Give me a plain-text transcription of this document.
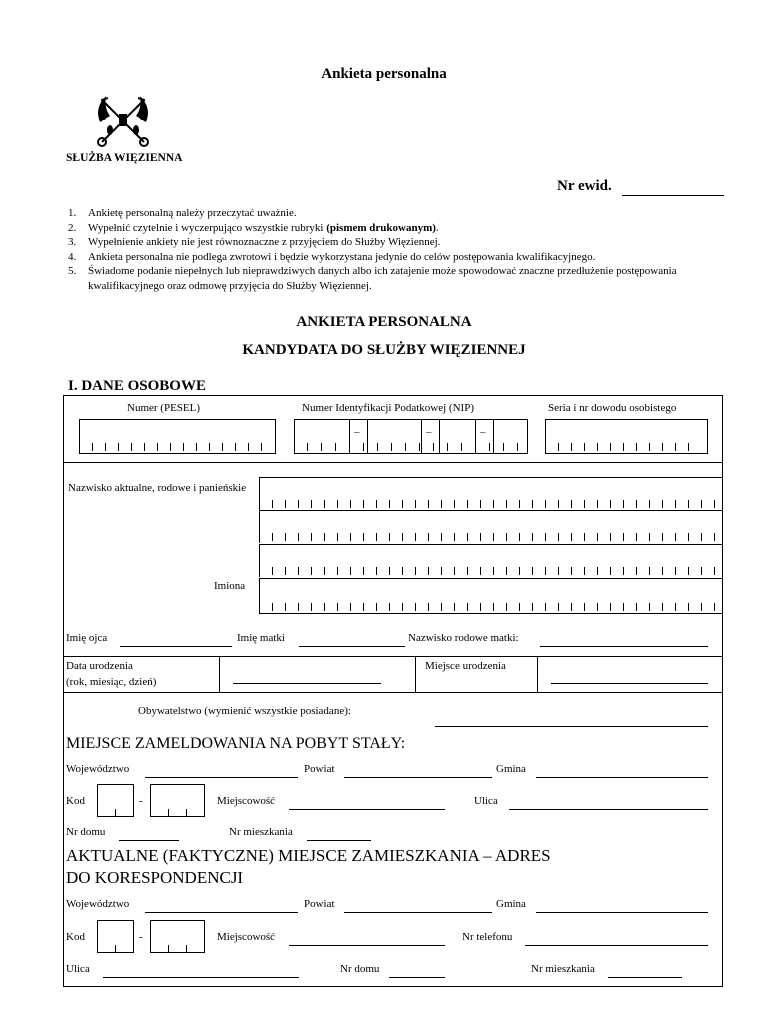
Ankieta personalna
SŁUŻBA WIĘZIENNA
Nr ewid.
1. Ankietę personalną należy przeczytać uważnie.
2. Wypełnić czytelnie i wyczerpująco wszystkie rubryki (pismem drukowanym).
3. Wypełnienie ankiety nie jest równoznaczne z przyjęciem do Służby Więziennej.
4. Ankieta personalna nie podlega zwrotowi i będzie wykorzystana jedynie do celów postępowania kwalifikacyjnego.
5. Świadome podanie niepełnych lub nieprawdziwych danych albo ich zatajenie może spowodować znaczne przedłużenie postępowania kwalifikacyjnego oraz odmowę przyjęcia do Służby Więziennej.
ANKIETA PERSONALNA
KANDYDATA DO SŁUŻBY WIĘZIENNEJ
I. DANE OSOBOWE
Numer (PESEL)	Numer Identyfikacji Podatkowej (NIP)	Seria i nr dowodu osobistego
–	–	–
Nazwisko aktualne, rodowe i panieńskie
Imiona
Imię ojca	Imię matki	Nazwisko rodowe matki:
Data urodzenia
(rok, miesiąc, dzień)
Miejsce urodzenia
Obywatelstwo (wymienić wszystkie posiadane):
MIEJSCE ZAMELDOWANIA NA POBYT STAŁY:
Województwo	Powiat	Gmina
Kod	-	Miejscowość	Ulica
Nr domu	Nr mieszkania
AKTUALNE (FAKTYCZNE) MIEJSCE ZAMIESZKANIA – ADRES
DO KORESPONDENCJI
Województwo	Powiat	Gmina
Kod	-	Miejscowość	Nr telefonu
Ulica	Nr domu	Nr mieszkania
